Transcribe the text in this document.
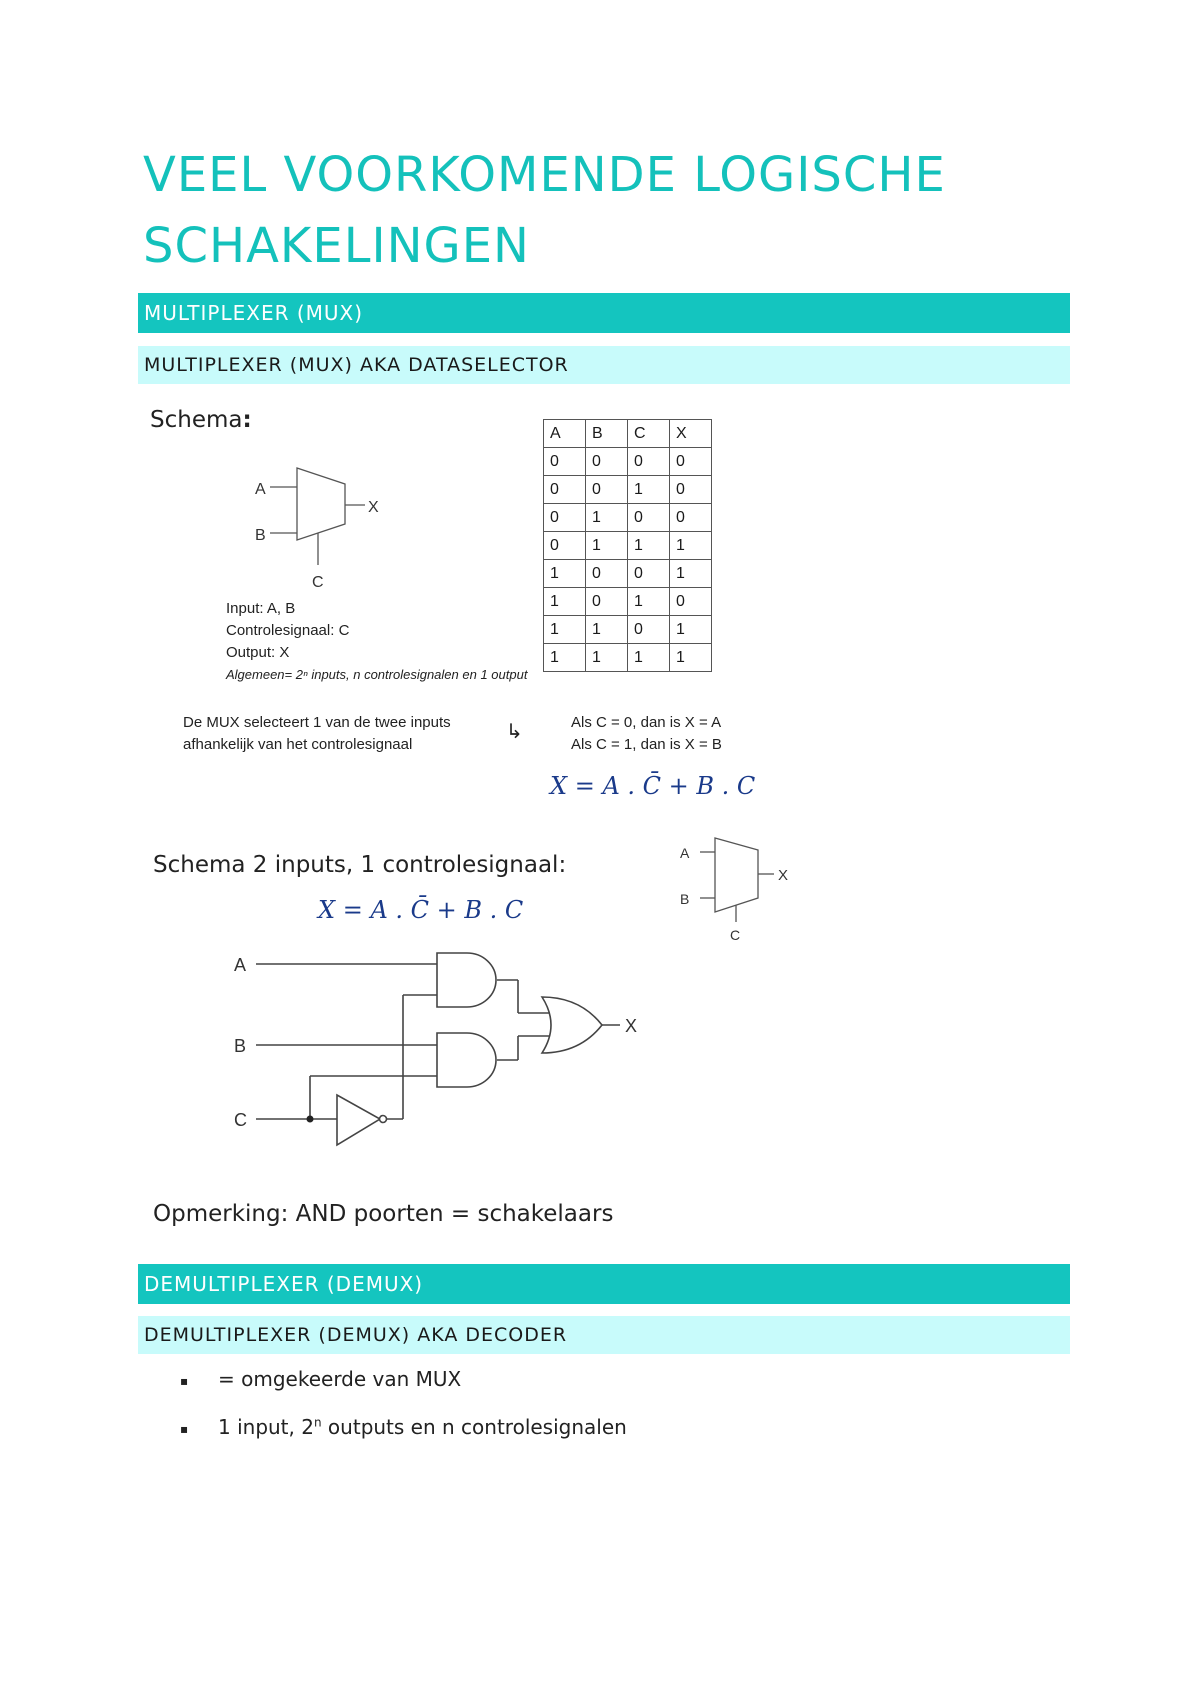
VEEL VOORKOMENDE LOGISCHE SCHAKELINGEN
MULTIPLEXER (MUX)
MULTIPLEXER (MUX) AKA DATASELECTOR
Schema:
A
B
X
C
Input: A, B
Controlesignaal: C
Output: X
Algemeen= 2ⁿ inputs, n controlesignalen en 1 output
A	B	C	X
0	0	0	0
0	0	1	0
0	1	0	0
0	1	1	1
1	0	0	1
1	0	1	0
1	1	0	1
1	1	1	1
De MUX selecteert 1 van de twee inputs
afhankelijk van het controlesignaal
↳	Als C = 0, dan is X = A
Als C = 1, dan is X = B
X = A . C̄ + B . C
Schema 2 inputs, 1 controlesignaal:
X = A . C̄ + B . C
A
B
X
C
A
B
C
X
Opmerking: AND poorten = schakelaars
DEMULTIPLEXER (DEMUX)
DEMULTIPLEXER (DEMUX) AKA DECODER
▪ = omgekeerde van MUX
▪ 1 input, 2$^n$ outputs en n controlesignalen
